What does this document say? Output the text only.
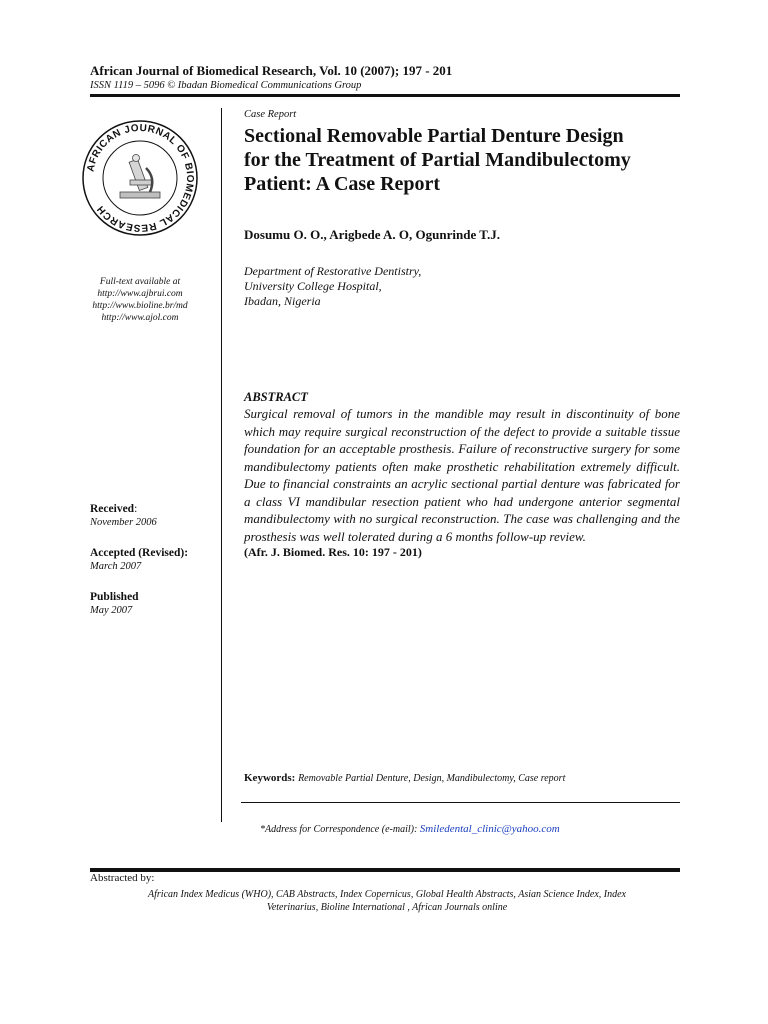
African Journal of Biomedical Research, Vol. 10 (2007); 197 - 201
ISSN 1119 – 5096 © Ibadan Biomedical Communications Group
AFRICAN JOURNAL OF BIOMEDICAL RESEARCH
Full-text available at
http://www.ajbrui.com
http://www.bioline.br/md
http://www.ajol.com
Received:
November 2006
Accepted (Revised):
March 2007
Published
May 2007
Case Report
Sectional Removable Partial Denture Design
for the Treatment of Partial Mandibulectomy
Patient: A Case Report
Dosumu O. O., Arigbede A. O, Ogunrinde T.J.
Department of Restorative Dentistry,
University College Hospital,
Ibadan, Nigeria
ABSTRACT

Surgical removal of tumors in the mandible may result in discontinuity of bone which may require surgical reconstruction of the defect to provide a suitable tissue foundation for an acceptable prosthesis. Failure of reconstructive surgery for some mandibulectomy patients often make prosthetic rehabilitation extremely difficult. Due to financial constraints an acrylic sectional partial denture was fabricated for a class VI mandibular resection patient who had undergone anterior segmental mandibulectomy with no surgical reconstruction. The case was challenging and the prosthesis was well tolerated during a 6 months follow-up review.

(Afr. J. Biomed. Res. 10: 197 - 201)
Keywords: Removable Partial Denture, Design, Mandibulectomy, Case report
*Address for Correspondence (e-mail): Smiledental_clinic@yahoo.com
Abstracted by:
African Index Medicus (WHO), CAB Abstracts, Index Copernicus, Global Health Abstracts, Asian Science Index, Index
Veterinarius, Bioline International , African Journals online
